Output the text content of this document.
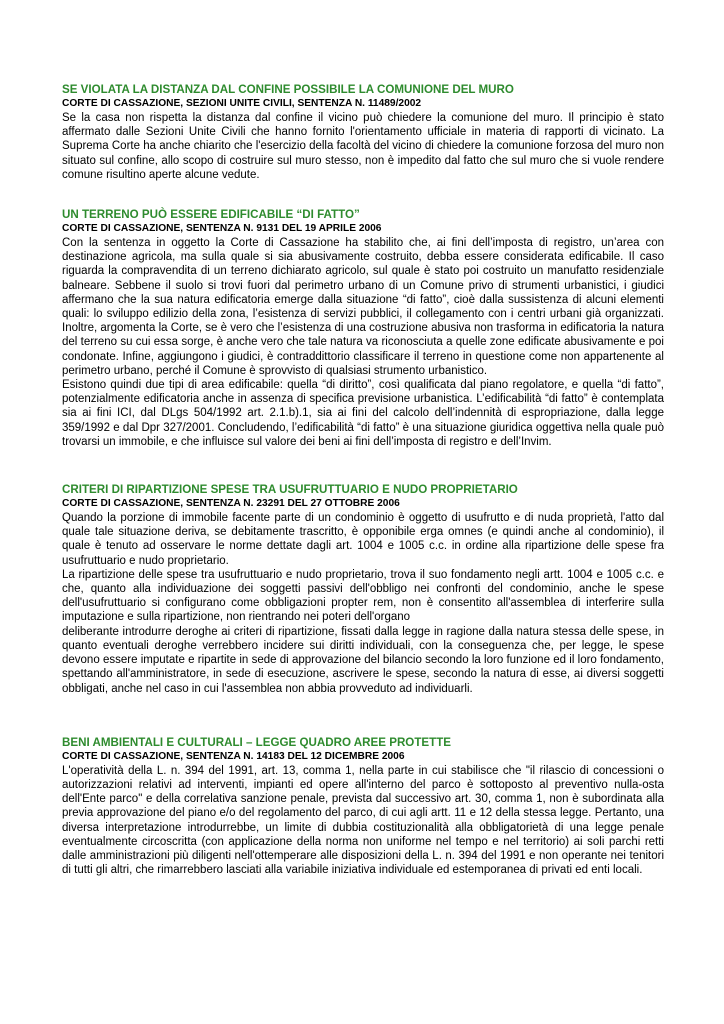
SE VIOLATA LA DISTANZA DAL CONFINE POSSIBILE LA COMUNIONE DEL MURO

CORTE DI CASSAZIONE, SEZIONI UNITE CIVILI, SENTENZA N. 11489/2002

Se la casa non rispetta la distanza dal confine il vicino può chiedere la comunione del muro. Il principio è stato affermato dalle Sezioni Unite Civili che hanno fornito l'orientamento ufficiale in materia di rapporti di vicinato. La Suprema Corte ha anche chiarito che l'esercizio della facoltà del vicino di chiedere la comunione forzosa del muro non situato sul confine, allo scopo di costruire sul muro stesso, non è impedito dal fatto che sul muro che si vuole rendere comune risultino aperte alcune vedute.

UN TERRENO PUÒ ESSERE EDIFICABILE “DI FATTO”

CORTE DI CASSAZIONE, SENTENZA N. 9131 DEL 19 APRILE 2006

Con la sentenza in oggetto la Corte di Cassazione ha stabilito che, ai fini dell’imposta di registro, un’area con destinazione agricola, ma sulla quale si sia abusivamente costruito, debba essere considerata edificabile. Il caso riguarda la compravendita di un terreno dichiarato agricolo, sul quale è stato poi costruito un manufatto residenziale balneare. Sebbene il suolo si trovi fuori dal perimetro urbano di un Comune privo di strumenti urbanistici, i giudici affermano che la sua natura edificatoria emerge dalla situazione “di fatto”, cioè dalla sussistenza di alcuni elementi quali: lo sviluppo edilizio della zona, l’esistenza di servizi pubblici, il collegamento con i centri urbani già organizzati. Inoltre, argomenta la Corte, se è vero che l’esistenza di una costruzione abusiva non trasforma in edificatoria la natura del terreno su cui essa sorge, è anche vero che tale natura va riconosciuta a quelle zone edificate abusivamente e poi condonate. Infine, aggiungono i giudici, è contraddittorio classificare il terreno in questione come non appartenente al perimetro urbano, perché il Comune è sprovvisto di qualsiasi strumento urbanistico.

Esistono quindi due tipi di area edificabile: quella “di diritto”, così qualificata dal piano regolatore, e quella “di fatto”, potenzialmente edificatoria anche in assenza di specifica previsione urbanistica. L’edificabilità “di fatto” è contemplata sia ai fini ICI, dal DLgs 504/1992 art. 2.1.b).1, sia ai fini del calcolo dell’indennità di espropriazione, dalla legge 359/1992 e dal Dpr 327/2001. Concludendo, l’edificabilità “di fatto” è una situazione giuridica oggettiva nella quale può trovarsi un immobile, e che influisce sul valore dei beni ai fini dell’imposta di registro e dell’Invim.

CRITERI DI RIPARTIZIONE SPESE TRA USUFRUTTUARIO E NUDO PROPRIETARIO

CORTE DI CASSAZIONE, SENTENZA N. 23291 DEL 27 OTTOBRE 2006

Quando la porzione di immobile facente parte di un condominio è oggetto di usufrutto e di nuda proprietà, l'atto dal quale tale situazione deriva, se debitamente trascritto, è opponibile erga omnes (e quindi anche al condominio), il quale è tenuto ad osservare le norme dettate dagli art. 1004 e 1005 c.c. in ordine alla ripartizione delle spese fra usufruttuario e nudo proprietario.

La ripartizione delle spese tra usufruttuario e nudo proprietario, trova il suo fondamento negli artt. 1004 e 1005 c.c. e che, quanto alla individuazione dei soggetti passivi dell'obbligo nei confronti del condominio, anche le spese dell'usufruttuario si configurano come obbligazioni propter rem, non è consentito all'assemblea di interferire sulla imputazione e sulla ripartizione, non rientrando nei poteri dell'organo

deliberante introdurre deroghe ai criteri di ripartizione, fissati dalla legge in ragione dalla natura stessa delle spese, in quanto eventuali deroghe verrebbero incidere sui diritti individuali, con la conseguenza che, per legge, le spese devono essere imputate e ripartite in sede di approvazione del bilancio secondo la loro funzione ed il loro fondamento, spettando all'amministratore, in sede di esecuzione, ascrivere le spese, secondo la natura di esse, ai diversi soggetti obbligati, anche nel caso in cui l'assemblea non abbia provveduto ad individuarli.

BENI AMBIENTALI E CULTURALI – LEGGE QUADRO AREE PROTETTE

CORTE DI CASSAZIONE, SENTENZA N. 14183 DEL 12 DICEMBRE 2006

L'operatività della L. n. 394 del 1991, art. 13, comma 1, nella parte in cui stabilisce che "il rilascio di concessioni o autorizzazioni relativi ad interventi, impianti ed opere all'interno del parco è sottoposto al preventivo nulla-osta dell'Ente parco" e della correlativa sanzione penale, prevista dal successivo art. 30, comma 1, non è subordinata alla previa approvazione del piano e/o del regolamento del parco, di cui agli artt. 11 e 12 della stessa legge. Pertanto, una diversa interpretazione introdurrebbe, un limite di dubbia costituzionalità alla obbligatorietà di una legge penale eventualmente circoscritta (con applicazione della norma non uniforme nel tempo e nel territorio) ai soli parchi retti dalle amministrazioni più diligenti nell'ottemperare alle disposizioni della L. n. 394 del 1991 e non operante nei tenitori di tutti gli altri, che rimarrebbero lasciati alla variabile iniziativa individuale ed estemporanea di privati ed enti locali.
